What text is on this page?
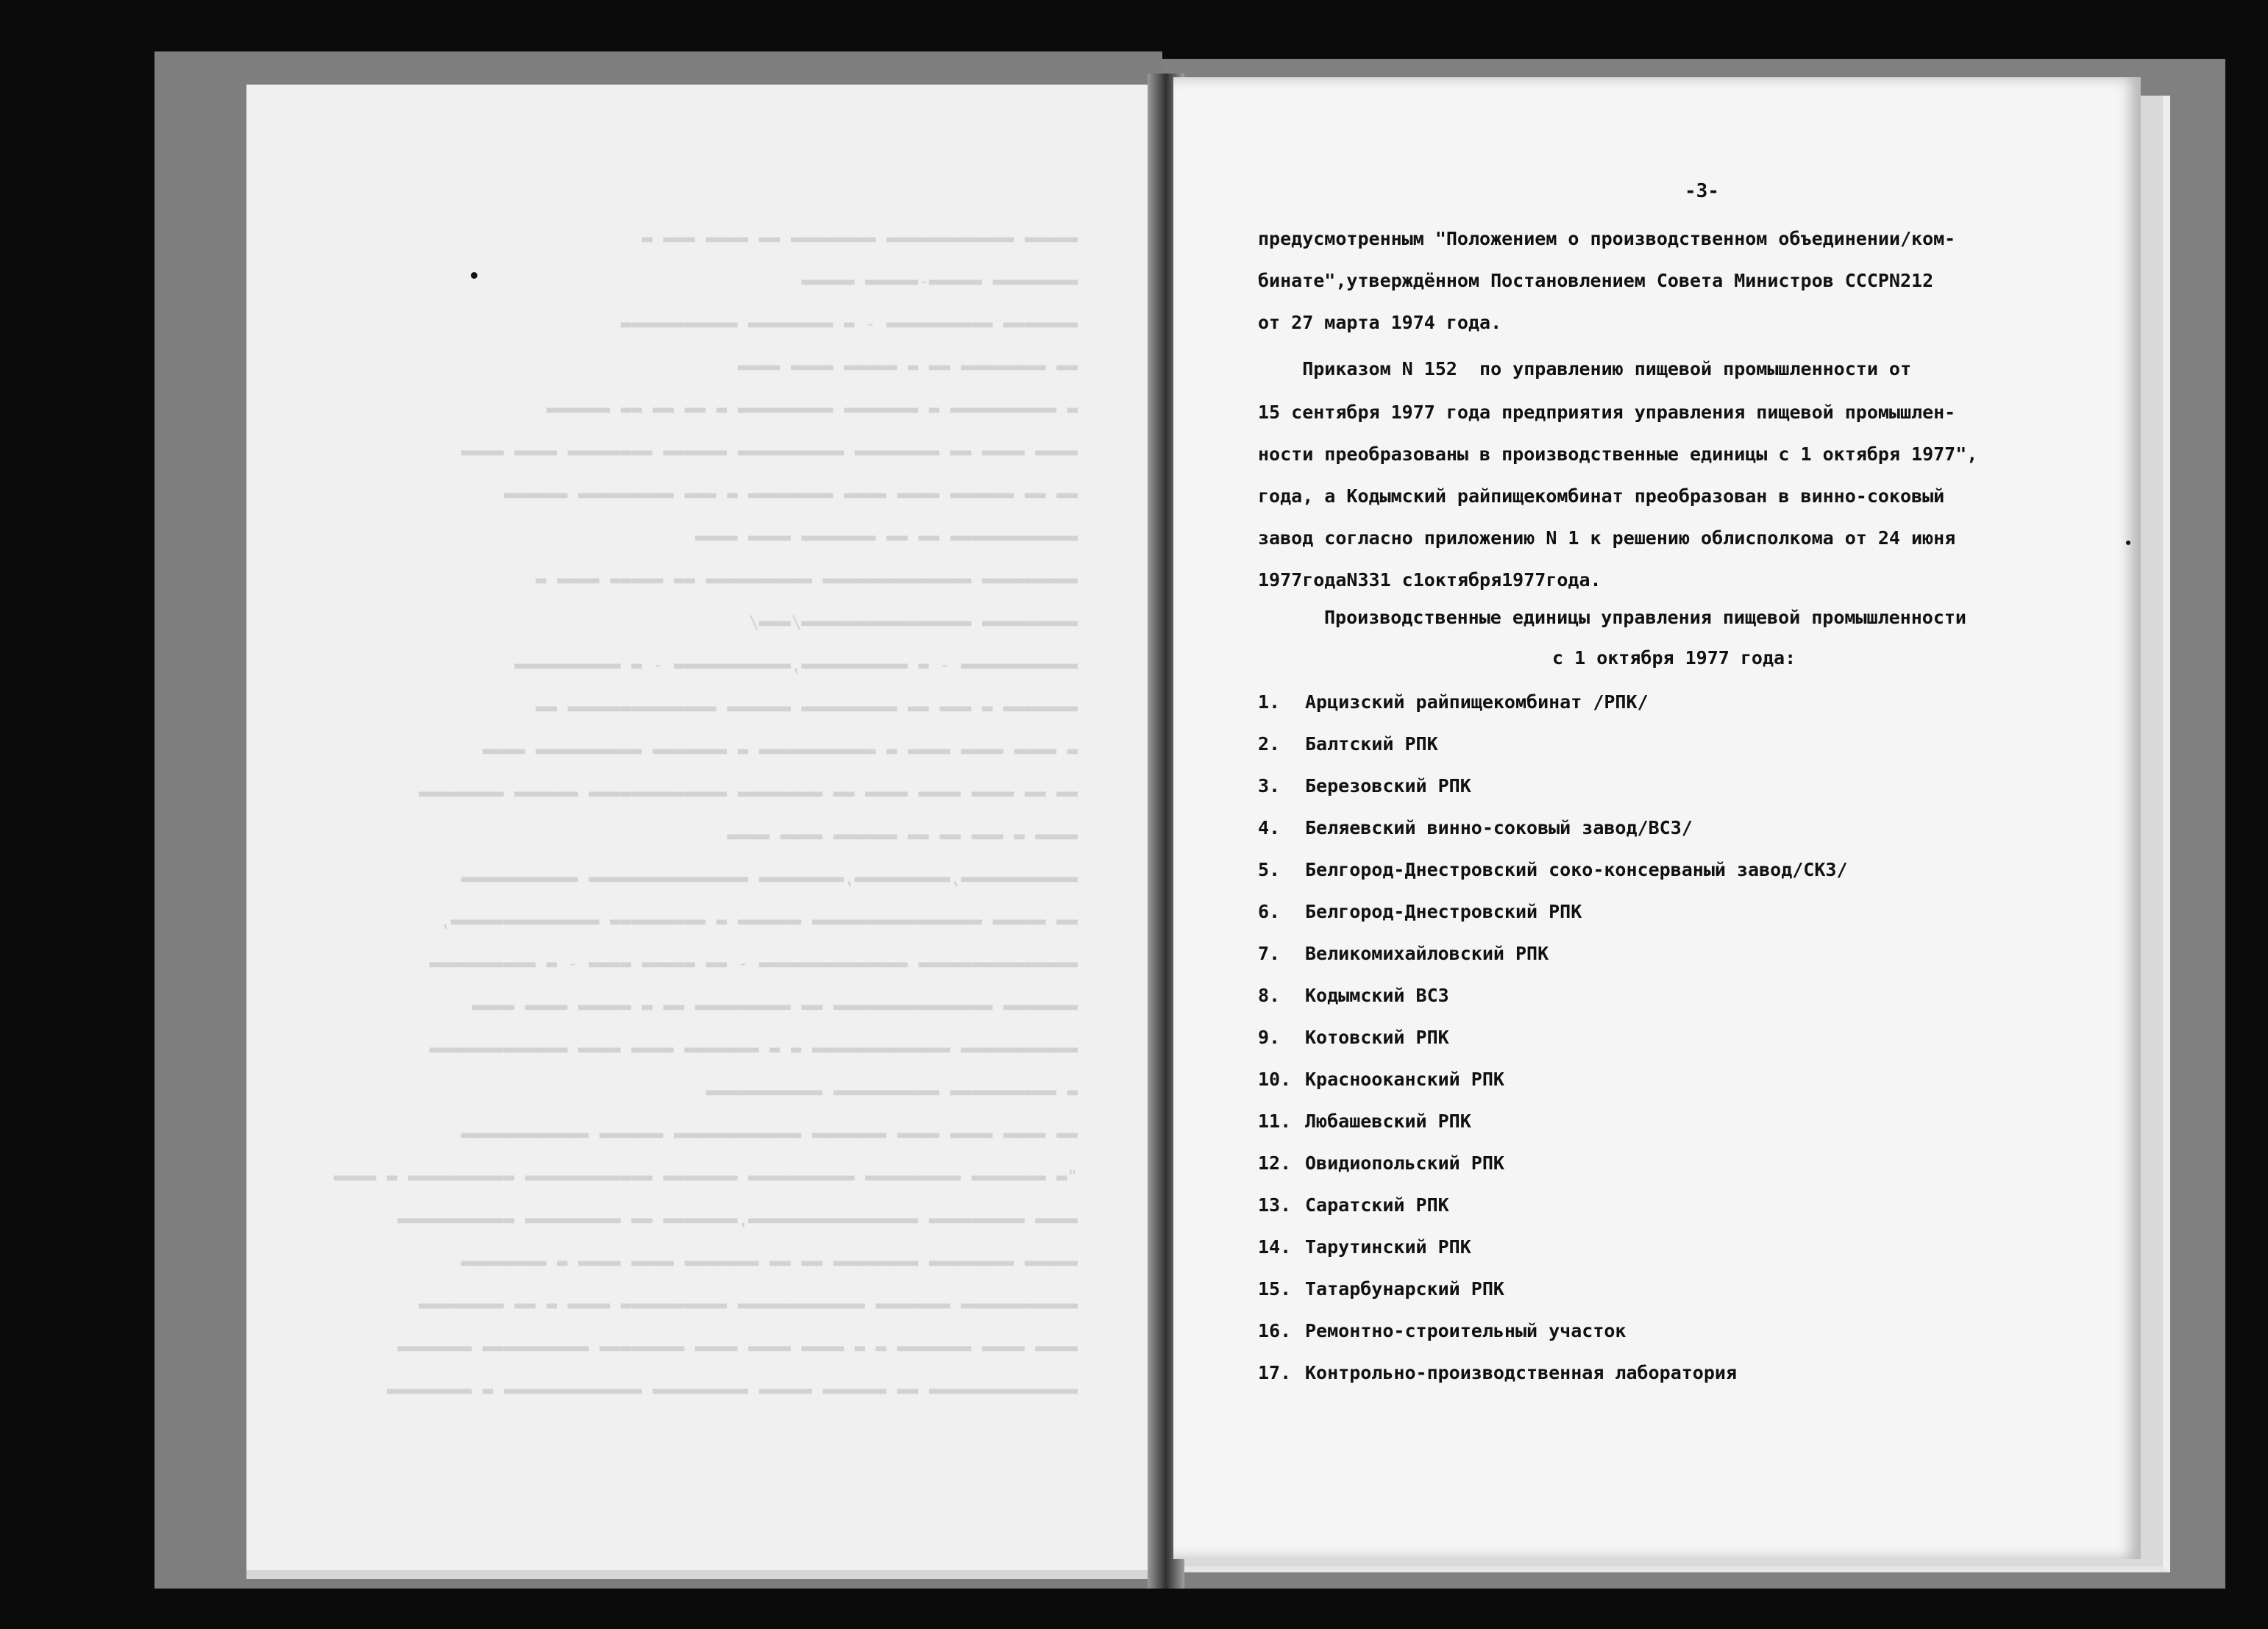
▬▬▬▬▬ ▬▬▬▬▬▬▬▬▬▬▬▬ ▬▬▬▬▬▬▬▬ ▬▬ ▬▬▬▬ ▬▬▬ ▬
▬▬▬▬▬▬▬▬ ▬▬▬▬▬-▬▬▬▬▬ ▬▬▬▬▬
▬▬▬▬▬▬▬ ▬▬▬▬▬▬▬▬▬▬ - ▬ ▬▬▬▬▬▬▬▬ ▬▬▬▬▬▬▬▬▬▬▬
▬▬ ▬▬▬▬▬▬▬▬ ▬▬ ▬ ▬▬▬▬▬ ▬▬▬▬ ▬▬▬▬
▬ ▬▬▬▬▬▬▬▬▬▬ ▬ ▬▬▬▬▬▬▬ ▬▬▬▬▬▬▬▬▬ ▬ ▬▬ ▬▬ ▬▬ ▬▬▬▬▬▬
▬▬▬▬ ▬▬▬▬ ▬▬ ▬▬▬▬▬▬▬▬ ▬▬▬▬▬▬▬▬▬▬ ▬▬▬▬▬▬ ▬▬▬▬▬▬▬▬ ▬▬▬▬ ▬▬▬▬
▬▬ ▬▬ ▬▬▬▬▬▬ ▬▬▬▬ ▬▬▬▬ ▬▬▬▬▬▬▬▬ ▬ ▬▬▬ ▬▬▬▬▬▬▬▬▬ ▬▬▬▬▬▬
▬▬▬▬▬▬▬▬▬▬▬▬ ▬▬ ▬▬ ▬▬▬▬▬▬▬ ▬▬▬▬ ▬▬▬▬
▬▬▬▬▬▬▬▬▬ ▬▬▬▬▬▬▬▬▬▬▬▬▬▬ ▬▬▬▬▬▬▬▬▬▬ ▬▬ ▬▬▬▬▬ ▬▬▬▬ ▬
▬▬▬▬▬▬▬▬▬ ▬▬▬▬▬▬▬▬▬▬▬▬▬▬▬▬/▬▬▬/
▬▬▬▬▬▬▬▬▬▬▬ - ▬ ▬▬▬▬▬▬▬▬▬▬,▬▬▬▬▬▬▬▬▬▬▬ - ▬ ▬▬▬▬▬▬▬▬▬▬
▬▬▬▬▬▬▬ ▬ ▬▬▬ ▬▬ ▬▬▬▬▬▬▬▬▬ ▬▬▬▬▬▬ ▬▬▬▬▬▬▬▬▬▬▬▬▬▬ ▬▬
▬ ▬▬▬▬ ▬▬▬▬ ▬▬▬▬ ▬ ▬▬▬▬▬▬▬▬▬▬▬ ▬ ▬▬▬▬▬▬▬ ▬▬▬▬▬▬▬▬▬▬ ▬▬▬▬
▬▬ ▬▬ ▬▬▬▬ ▬▬▬▬ ▬▬▬▬ ▬▬ ▬▬▬▬▬▬▬▬ ▬▬▬▬▬▬▬▬▬▬▬▬▬ ▬▬▬▬▬▬ ▬▬▬▬▬▬▬▬
▬▬▬▬ ▬ ▬▬▬ ▬▬ ▬▬ ▬▬▬▬▬▬ ▬▬▬▬ ▬▬▬▬
▬▬▬▬▬▬▬▬▬▬▬,▬▬▬▬▬▬▬▬▬,▬▬▬▬▬▬▬▬ ▬▬▬▬▬▬▬▬▬▬▬▬▬▬▬ ▬▬▬▬▬▬▬▬▬▬▬
▬▬ ▬▬▬▬▬ ▬▬▬▬▬▬▬▬▬▬▬▬▬▬▬▬ ▬▬▬▬▬▬ ▬ ▬▬▬▬▬▬▬▬▬ ▬▬▬▬▬▬▬▬▬▬▬▬▬▬,
▬▬▬▬▬▬▬▬▬▬▬▬▬▬▬ ▬▬▬▬▬▬▬▬▬▬▬▬▬▬ - ▬▬ ▬▬▬▬▬ ▬▬▬▬ - ▬ ▬▬▬▬▬▬▬▬▬▬
▬▬▬▬▬▬▬ ▬▬▬▬▬▬▬▬▬▬▬▬▬▬▬ ▬▬ ▬▬▬▬▬▬▬▬▬ ▬▬ ▬ ▬▬▬▬▬ ▬▬▬▬ ▬▬▬▬
▬▬▬▬▬▬▬▬▬▬▬ ▬▬▬▬▬▬▬▬▬▬▬▬▬ ▬ ▬ ▬▬▬▬▬▬▬ ▬▬▬▬ ▬▬▬▬ ▬▬▬▬▬▬▬▬▬▬▬▬▬
▬ ▬▬▬▬▬▬▬▬▬▬ ▬▬▬▬▬▬▬▬▬▬ ▬▬▬▬▬▬▬▬▬▬▬
▬▬ ▬▬▬▬ ▬▬▬▬ ▬▬▬▬ ▬▬▬▬▬▬▬ ▬▬▬▬▬▬▬▬▬▬▬▬ ▬▬▬▬▬▬ ▬▬▬▬▬▬▬▬▬▬▬▬
"▬ ▬▬▬▬▬▬▬ ▬▬▬▬▬▬▬▬▬ ▬▬▬▬▬▬▬▬▬▬ ▬▬▬▬▬▬▬ ▬▬▬▬▬▬▬▬▬▬▬▬ ▬▬▬▬▬▬▬▬▬▬ ▬ ▬▬▬▬
▬▬▬▬ ▬▬▬▬▬▬▬▬▬ ▬▬▬▬▬▬▬▬▬▬▬▬▬▬▬▬,▬▬▬▬▬▬▬ ▬▬ ▬▬▬▬▬▬▬▬▬ ▬▬▬▬▬▬▬▬▬▬▬
▬▬▬▬▬ ▬▬▬▬▬▬▬▬ ▬▬▬▬▬▬▬▬ ▬▬ ▬▬ ▬▬▬▬▬▬▬ ▬▬▬▬ ▬▬▬▬ ▬ ▬▬▬▬▬▬▬▬
▬▬▬▬▬▬▬▬▬▬▬ ▬▬▬▬▬▬▬ ▬▬▬▬▬▬▬▬▬▬▬▬ ▬▬▬▬▬▬▬▬▬▬ ▬▬▬▬ ▬ ▬▬ ▬▬▬▬▬▬▬▬
▬▬▬▬ ▬▬▬▬ ▬▬▬▬▬▬▬ ▬ ▬ ▬▬▬▬ ▬▬▬▬ ▬▬▬▬ ▬▬▬▬▬▬▬▬ ▬▬▬▬▬▬▬▬▬▬ ▬▬▬▬▬▬▬
▬▬▬▬▬▬▬▬▬▬▬▬▬▬ ▬▬ ▬▬▬▬▬▬ ▬▬▬▬▬ ▬▬▬▬▬▬▬▬▬ ▬▬▬▬▬▬▬▬▬▬▬▬▬ ▬ ▬▬▬▬▬▬▬▬
-3-
предусмотренным "Положением о производственном объединении/ком-
бинате",утверждённом Постановлением Совета Министров СССРN212
от 27 марта 1974 года.
Приказом N 152  по управлению пищевой промышленности от
15 сентября 1977 года предприятия управления пищевой промышлен-
ности преобразованы в производственные единицы с 1 октября 1977",
года, а Кодымский райпищекомбинат преобразован в винно-соковый
завод согласно приложению N 1 к решению облисполкома от 24 июня
1977годаN331 с1октября1977года.
Производственные единицы управления пищевой промышленности
с 1 октября 1977 года:
1. Арцизский райпищекомбинат /РПК/
2. Балтский РПК
3. Березовский РПК
4. Беляевский винно-соковый завод/ВСЗ/
5. Белгород-Днестровский соко-консерваный завод/СКЗ/
6. Белгород-Днестровский РПК
7. Великомихайловский РПК
8. Кодымский ВСЗ
9. Котовский РПК
10. Краснооканский РПК
11. Любашевский РПК
12. Овидиопольский РПК
13. Саратский РПК
14. Тарутинский РПК
15. Татарбунарский РПК
16. Ремонтно-строительный участок
17. Контрольно-производственная лаборатория
